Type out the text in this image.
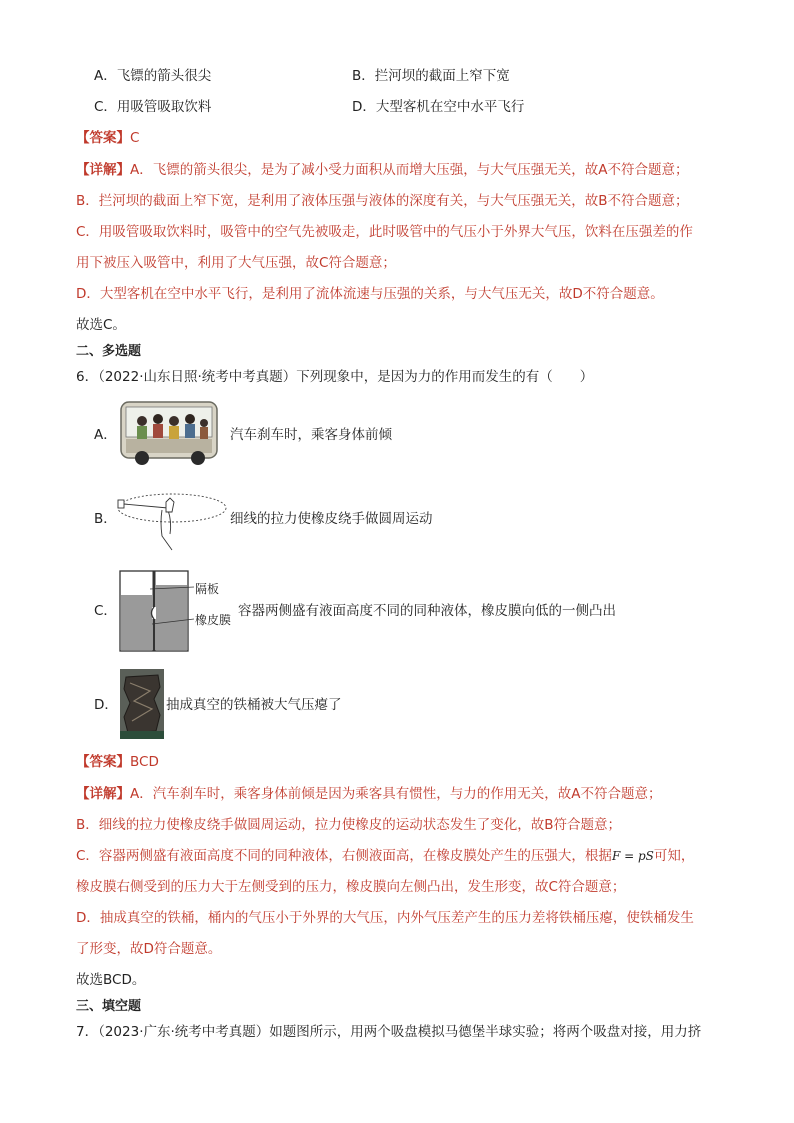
A．飞镖的箭头很尖	B．拦河坝的截面上窄下宽
C．用吸管吸取饮料	D．大型客机在空中水平飞行
【答案】C
【详解】A．飞镖的箭头很尖，是为了减小受力面积从而增大压强，与大气压强无关，故A不符合题意；
B．拦河坝的截面上窄下宽，是利用了液体压强与液体的深度有关，与大气压强无关，故B不符合题意；
C．用吸管吸取饮料时，吸管中的空气先被吸走，此时吸管中的气压小于外界大气压，饮料在压强差的作
用下被压入吸管中，利用了大气压强，故C符合题意；
D．大型客机在空中水平飞行，是利用了流体流速与压强的关系，与大气压无关，故D不符合题意。
故选C。
二、多选题
6．（2022·山东日照·统考中考真题）下列现象中，是因为力的作用而发生的有（　　）
A．	汽车刹车时，乘客身体前倾
B．	细线的拉力使橡皮绕手做圆周运动
C．
隔板
橡皮膜
容器两侧盛有液面高度不同的同种液体，橡皮膜向低的一侧凸出
D．	抽成真空的铁桶被大气压瘪了
【答案】BCD
【详解】A．汽车刹车时，乘客身体前倾是因为乘客具有惯性，与力的作用无关，故A不符合题意；
B．细线的拉力使橡皮绕手做圆周运动，拉力使橡皮的运动状态发生了变化，故B符合题意；
C．容器两侧盛有液面高度不同的同种液体，右侧液面高，在橡皮膜处产生的压强大，根据F = pS可知，
橡皮膜右侧受到的压力大于左侧受到的压力，橡皮膜向左侧凸出，发生形变，故C符合题意；
D．抽成真空的铁桶，桶内的气压小于外界的大气压，内外气压差产生的压力差将铁桶压瘪，使铁桶发生
了形变，故D符合题意。
故选BCD。
三、填空题
7．（2023·广东·统考中考真题）如题图所示，用两个吸盘模拟马德堡半球实验；将两个吸盘对接，用力挤
